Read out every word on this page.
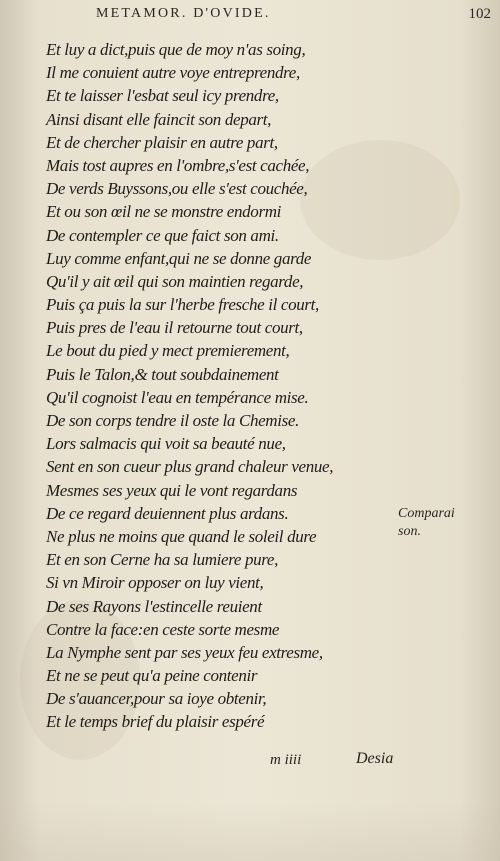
METAMOR. D'OVIDE.	102
Et luy a dict,puis que de moy n'as soing,
Il me conuient autre voye entreprendre,
Et te laisser l'esbat seul icy prendre,
Ainsi disant elle faincit son depart,
Et de chercher plaisir en autre part,
Mais tost aupres en l'ombre,s'est cachée,
De verds Buyssons,ou elle s'est couchée,
Et ou son œil ne se monstre endormi
De contempler ce que faict son ami.
Luy comme enfant,qui ne se donne garde
Qu'il y ait œil qui son maintien regarde,
Puis ça puis la sur l'herbe fresche il court,
Puis pres de l'eau il retourne tout court,
Le bout du pied y mect premierement,
Puis le Talon,& tout soubdainement
Qu'il cognoist l'eau en tempérance mise.
De son corps tendre il oste la Chemise.
Lors salmacis qui voit sa beauté nue,
Sent en son cueur plus grand chaleur venue,
Mesmes ses yeux qui le vont regardans
De ce regard deuiennent plus ardans.
Ne plus ne moins que quand le soleil dure
Et en son Cerne ha sa lumiere pure,
Si vn Miroir opposer on luy vient,
De ses Rayons l'estincelle reuient
Contre la face:en ceste sorte mesme
La Nymphe sent par ses yeux feu extresme,
Et ne se peut qu'a peine contenir
De s'auancer,pour sa ioye obtenir,
Et le temps brief du plaisir espéré
Comparai
son.
m iiii	Desia
